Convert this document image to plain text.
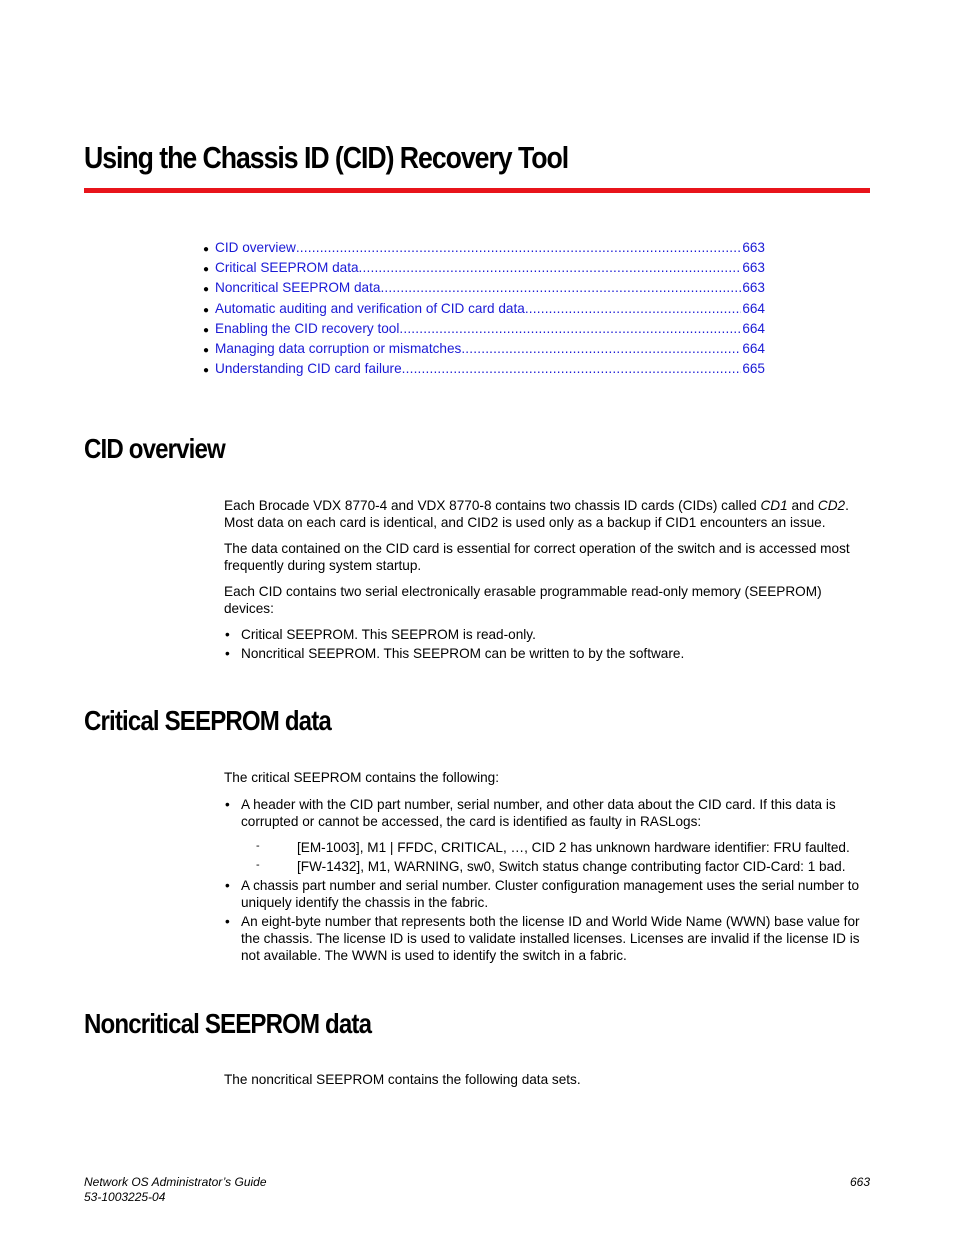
Using the Chassis ID (CID) Recovery Tool
● CID overview .....	663
● Critical SEEPROM data .....	663
● Noncritical SEEPROM data .....	663
● Automatic auditing and verification of CID card data .....	664
● Enabling the CID recovery tool .....	664
● Managing data corruption or mismatches .....	664
● Understanding CID card failure .....	665
CID overview

Each Brocade VDX 8770-4 and VDX 8770-8 contains two chassis ID cards (CIDs) called CD1 and CD2. Most data on each card is identical, and CID2 is used only as a backup if CID1 encounters an issue.

The data contained on the CID card is essential for correct operation of the switch and is accessed most frequently during system startup.

Each CID contains two serial electronically erasable programmable read-only memory (SEEPROM) devices:

• Critical SEEPROM. This SEEPROM is read-only.
• Noncritical SEEPROM. This SEEPROM can be written to by the software.
Critical SEEPROM data

The critical SEEPROM contains the following:

• A header with the CID part number, serial number, and other data about the CID card. If this data is corrupted or cannot be accessed, the card is identified as faulty in RASLogs:
- [EM-1003], M1 | FFDC, CRITICAL, …, CID 2 has unknown hardware identifier: FRU faulted.
- [FW-1432], M1, WARNING, sw0, Switch status change contributing factor CID-Card: 1 bad.
• A chassis part number and serial number. Cluster configuration management uses the serial number to uniquely identify the chassis in the fabric.
• An eight-byte number that represents both the license ID and World Wide Name (WWN) base value for the chassis. The license ID is used to validate installed licenses. Licenses are invalid if the license ID is not available. The WWN is used to identify the switch in a fabric.
Noncritical SEEPROM data

The noncritical SEEPROM contains the following data sets.

Network OS Administrator’s Guide
53-1003225-04
663
